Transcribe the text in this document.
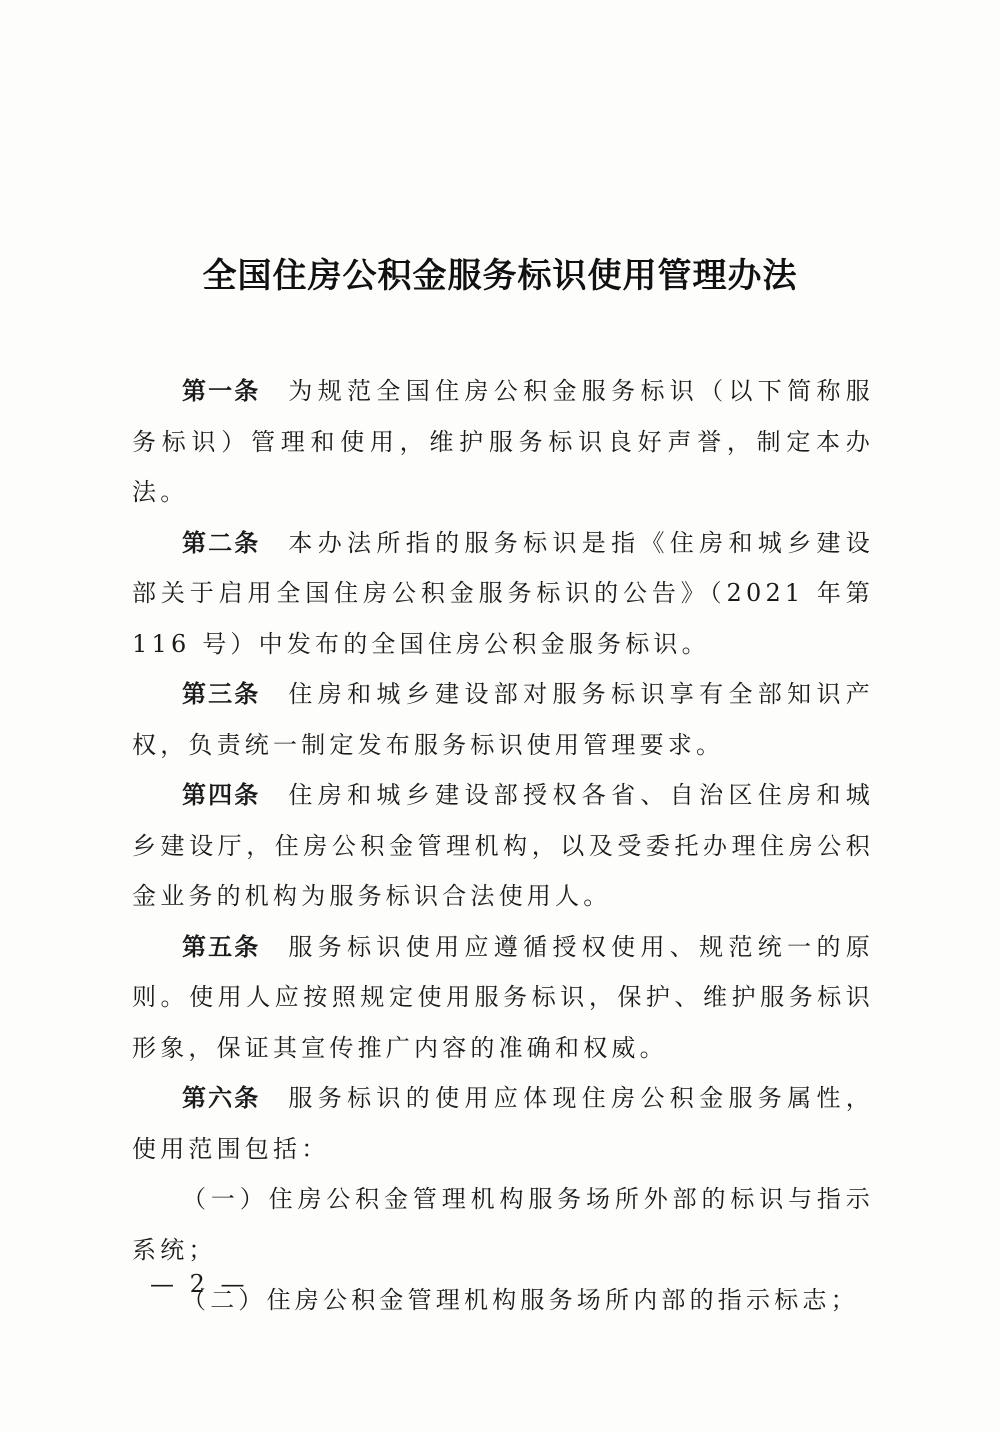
全国住房公积金服务标识使用管理办法

第一条 为规范全国住房公积金服务标识（以下简称服务标识）管理和使用，维护服务标识良好声誉，制定本办法。

第二条 本办法所指的服务标识是指《住房和城乡建设部关于启用全国住房公积金服务标识的公告》（2021 年第 116 号）中发布的全国住房公积金服务标识。

第三条 住房和城乡建设部对服务标识享有全部知识产权，负责统一制定发布服务标识使用管理要求。

第四条 住房和城乡建设部授权各省、自治区住房和城乡建设厅，住房公积金管理机构，以及受委托办理住房公积金业务的机构为服务标识合法使用人。

第五条 服务标识使用应遵循授权使用、规范统一的原则。使用人应按照规定使用服务标识，保护、维护服务标识形象，保证其宣传推广内容的准确和权威。

第六条 服务标识的使用应体现住房公积金服务属性，使用范围包括：

（一）住房公积金管理机构服务场所外部的标识与指示系统；

（二）住房公积金管理机构服务场所内部的指示标志；

— 2 —
